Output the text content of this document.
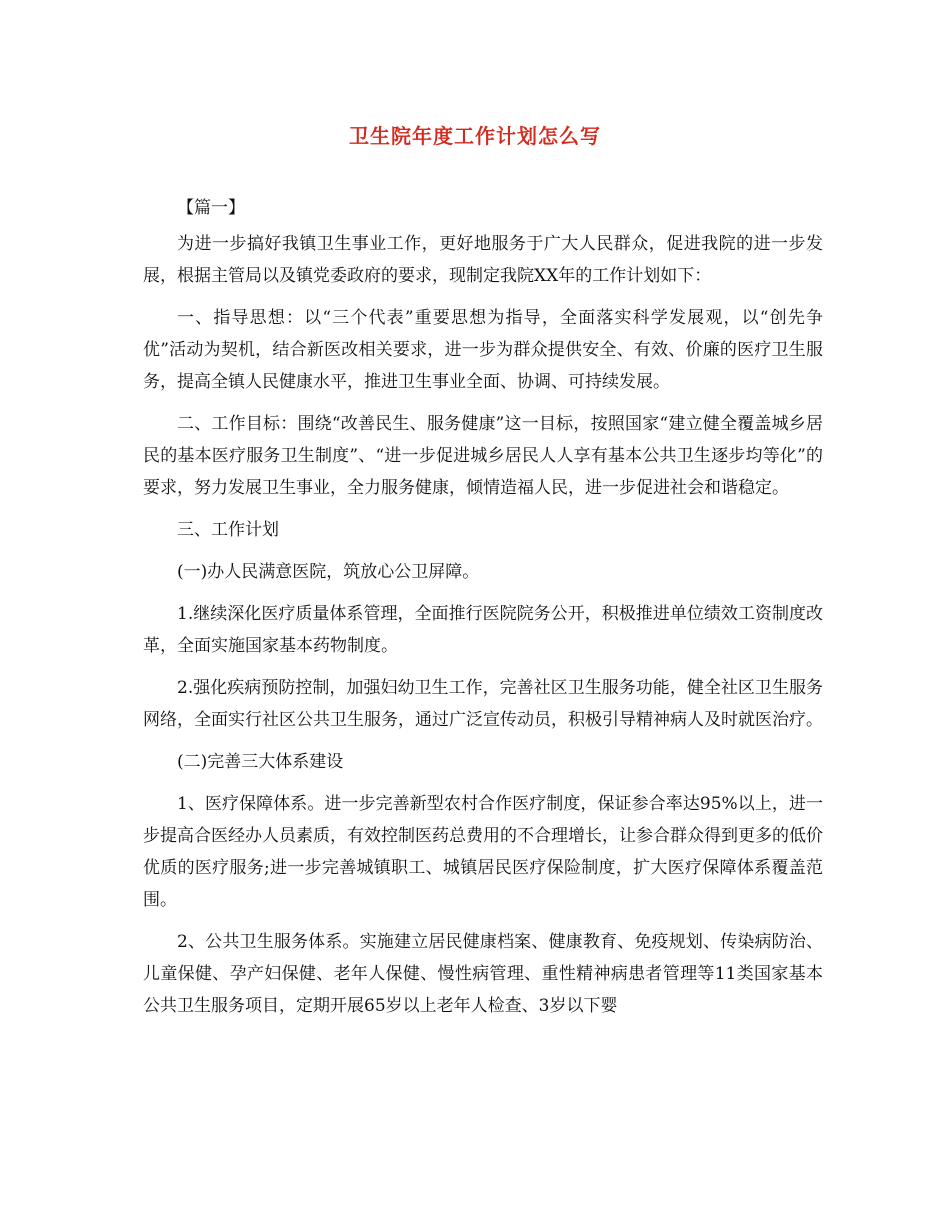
卫生院年度工作计划怎么写

【篇一】

为进一步搞好我镇卫生事业工作，更好地服务于广大人民群众，促进我院的进一步发展，根据主管局以及镇党委政府的要求，现制定我院XX年的工作计划如下：

一、指导思想：以“三个代表”重要思想为指导，全面落实科学发展观，以“创先争优”活动为契机，结合新医改相关要求，进一步为群众提供安全、有效、价廉的医疗卫生服务，提高全镇人民健康水平，推进卫生事业全面、协调、可持续发展。

二、工作目标：围绕“改善民生、服务健康”这一目标，按照国家“建立健全覆盖城乡居民的基本医疗服务卫生制度”、“进一步促进城乡居民人人享有基本公共卫生逐步均等化”的要求，努力发展卫生事业，全力服务健康，倾情造福人民，进一步促进社会和谐稳定。

三、工作计划

(一)办人民满意医院，筑放心公卫屏障。

1.继续深化医疗质量体系管理，全面推行医院院务公开，积极推进单位绩效工资制度改革，全面实施国家基本药物制度。

2.强化疾病预防控制，加强妇幼卫生工作，完善社区卫生服务功能，健全社区卫生服务网络，全面实行社区公共卫生服务，通过广泛宣传动员，积极引导精神病人及时就医治疗。

(二)完善三大体系建设

1、医疗保障体系。进一步完善新型农村合作医疗制度，保证参合率达95%以上，进一步提高合医经办人员素质，有效控制医药总费用的不合理增长，让参合群众得到更多的低价优质的医疗服务;进一步完善城镇职工、城镇居民医疗保险制度，扩大医疗保障体系覆盖范围。

2、公共卫生服务体系。实施建立居民健康档案、健康教育、免疫规划、传染病防治、儿童保健、孕产妇保健、老年人保健、慢性病管理、重性精神病患者管理等11类国家基本公共卫生服务项目，定期开展65岁以上老年人检查、3岁以下婴
